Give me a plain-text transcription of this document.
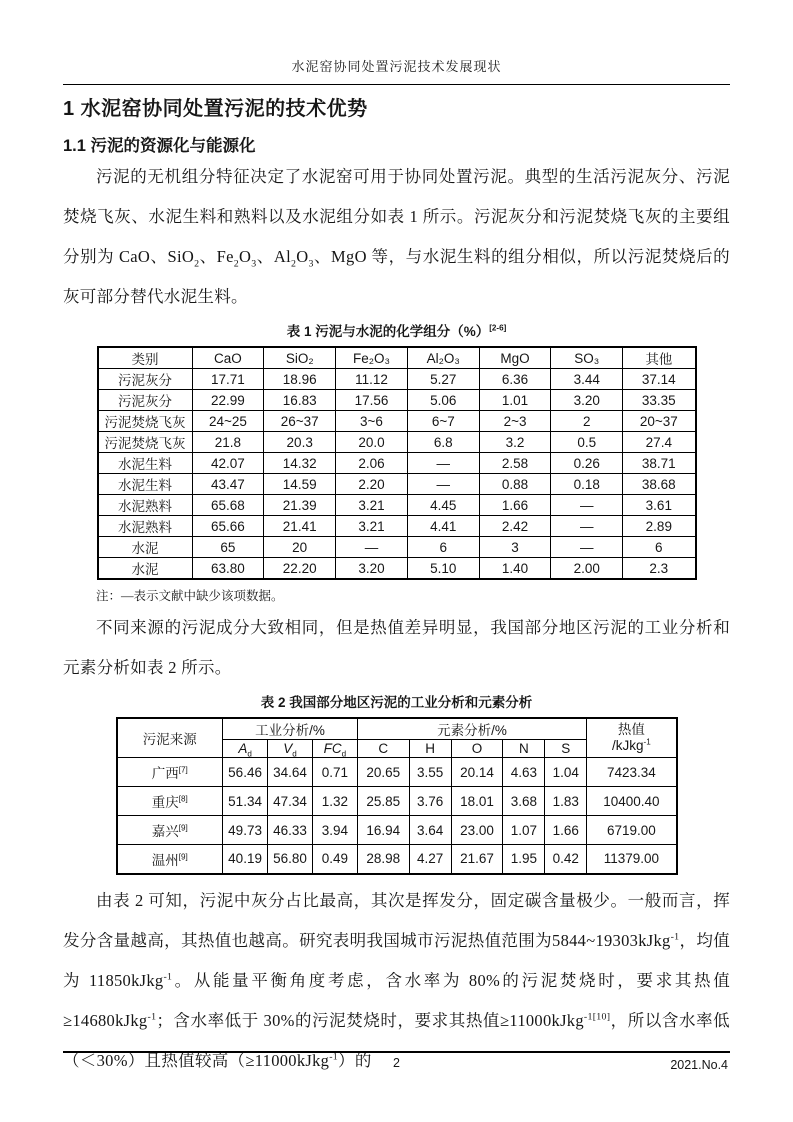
水泥窑协同处置污泥技术发展现状
1 水泥窑协同处置污泥的技术优势
1.1 污泥的资源化与能源化

污泥的无机组分特征决定了水泥窑可用于协同处置污泥。典型的生活污泥灰分、污泥焚烧飞灰、水泥生料和熟料以及水泥组分如表 1 所示。污泥灰分和污泥焚烧飞灰的主要组分别为 CaO、SiO$_2$、$Fe_2O_3$、$Al_2O_3$、MgO 等，与水泥生料的组分相似，所以污泥焚烧后的灰可部分替代水泥生料。

表 1 污泥与水泥的化学组分（%）[2-6]
类别	CaO	SiO₂	Fe₂O₃	Al₂O₃	MgO	SO₃	其他
污泥灰分	17.71	18.96	11.12	5.27	6.36	3.44	37.14
污泥灰分	22.99	16.83	17.56	5.06	1.01	3.20	33.35
污泥焚烧飞灰	24~25	26~37	3~6	6~7	2~3	2	20~37
污泥焚烧飞灰	21.8	20.3	20.0	6.8	3.2	0.5	27.4
水泥生料	42.07	14.32	2.06	—	2.58	0.26	38.71
水泥生料	43.47	14.59	2.20	—	0.88	0.18	38.68
水泥熟料	65.68	21.39	3.21	4.45	1.66	—	3.61
水泥熟料	65.66	21.41	3.21	4.41	2.42	—	2.89
水泥	65	20	—	6	3	—	6
水泥	63.80	22.20	3.20	5.10	1.40	2.00	2.3
注：—表示文献中缺少该项数据。

不同来源的污泥成分大致相同，但是热值差异明显，我国部分地区污泥的工业分析和元素分析如表 2 所示。

表 2 我国部分地区污泥的工业分析和元素分析
污泥来源	工业分析/%			元素分析/%					热值
/kJkg$^{-1}$

	$A_d$	$V_d$	$FC_d$	C	H	O	N	S	
广西[7]	56.46	34.64	0.71	20.65	3.55	20.14	4.63	1.04	7423.34
重庆[8]	51.34	47.34	1.32	25.85	3.76	18.01	3.68	1.83	10400.40
嘉兴[9]	49.73	46.33	3.94	16.94	3.64	23.00	1.07	1.66	6719.00
温州[9]	40.19	56.80	0.49	28.98	4.27	21.67	1.95	0.42	11379.00

由表 2 可知，污泥中灰分占比最高，其次是挥发分，固定碳含量极少。一般而言，挥发分含量越高，其热值也越高。研究表明我国城市污泥热值范围为5844~19303kJkg$^{-1}$，均值为 11850kJkg$^{-1}$。从能量平衡角度考虑，含水率为 80%的污泥焚烧时，要求其热值≥14680kJkg$^{-1}$；含水率低于 30%的污泥焚烧时，要求其热值≥11000kJkg$^{-1[10]}$，所以含水率低（＜30%）且热值较高（≥11000kJkg$^{-1}$）的	2	2021.No.4
